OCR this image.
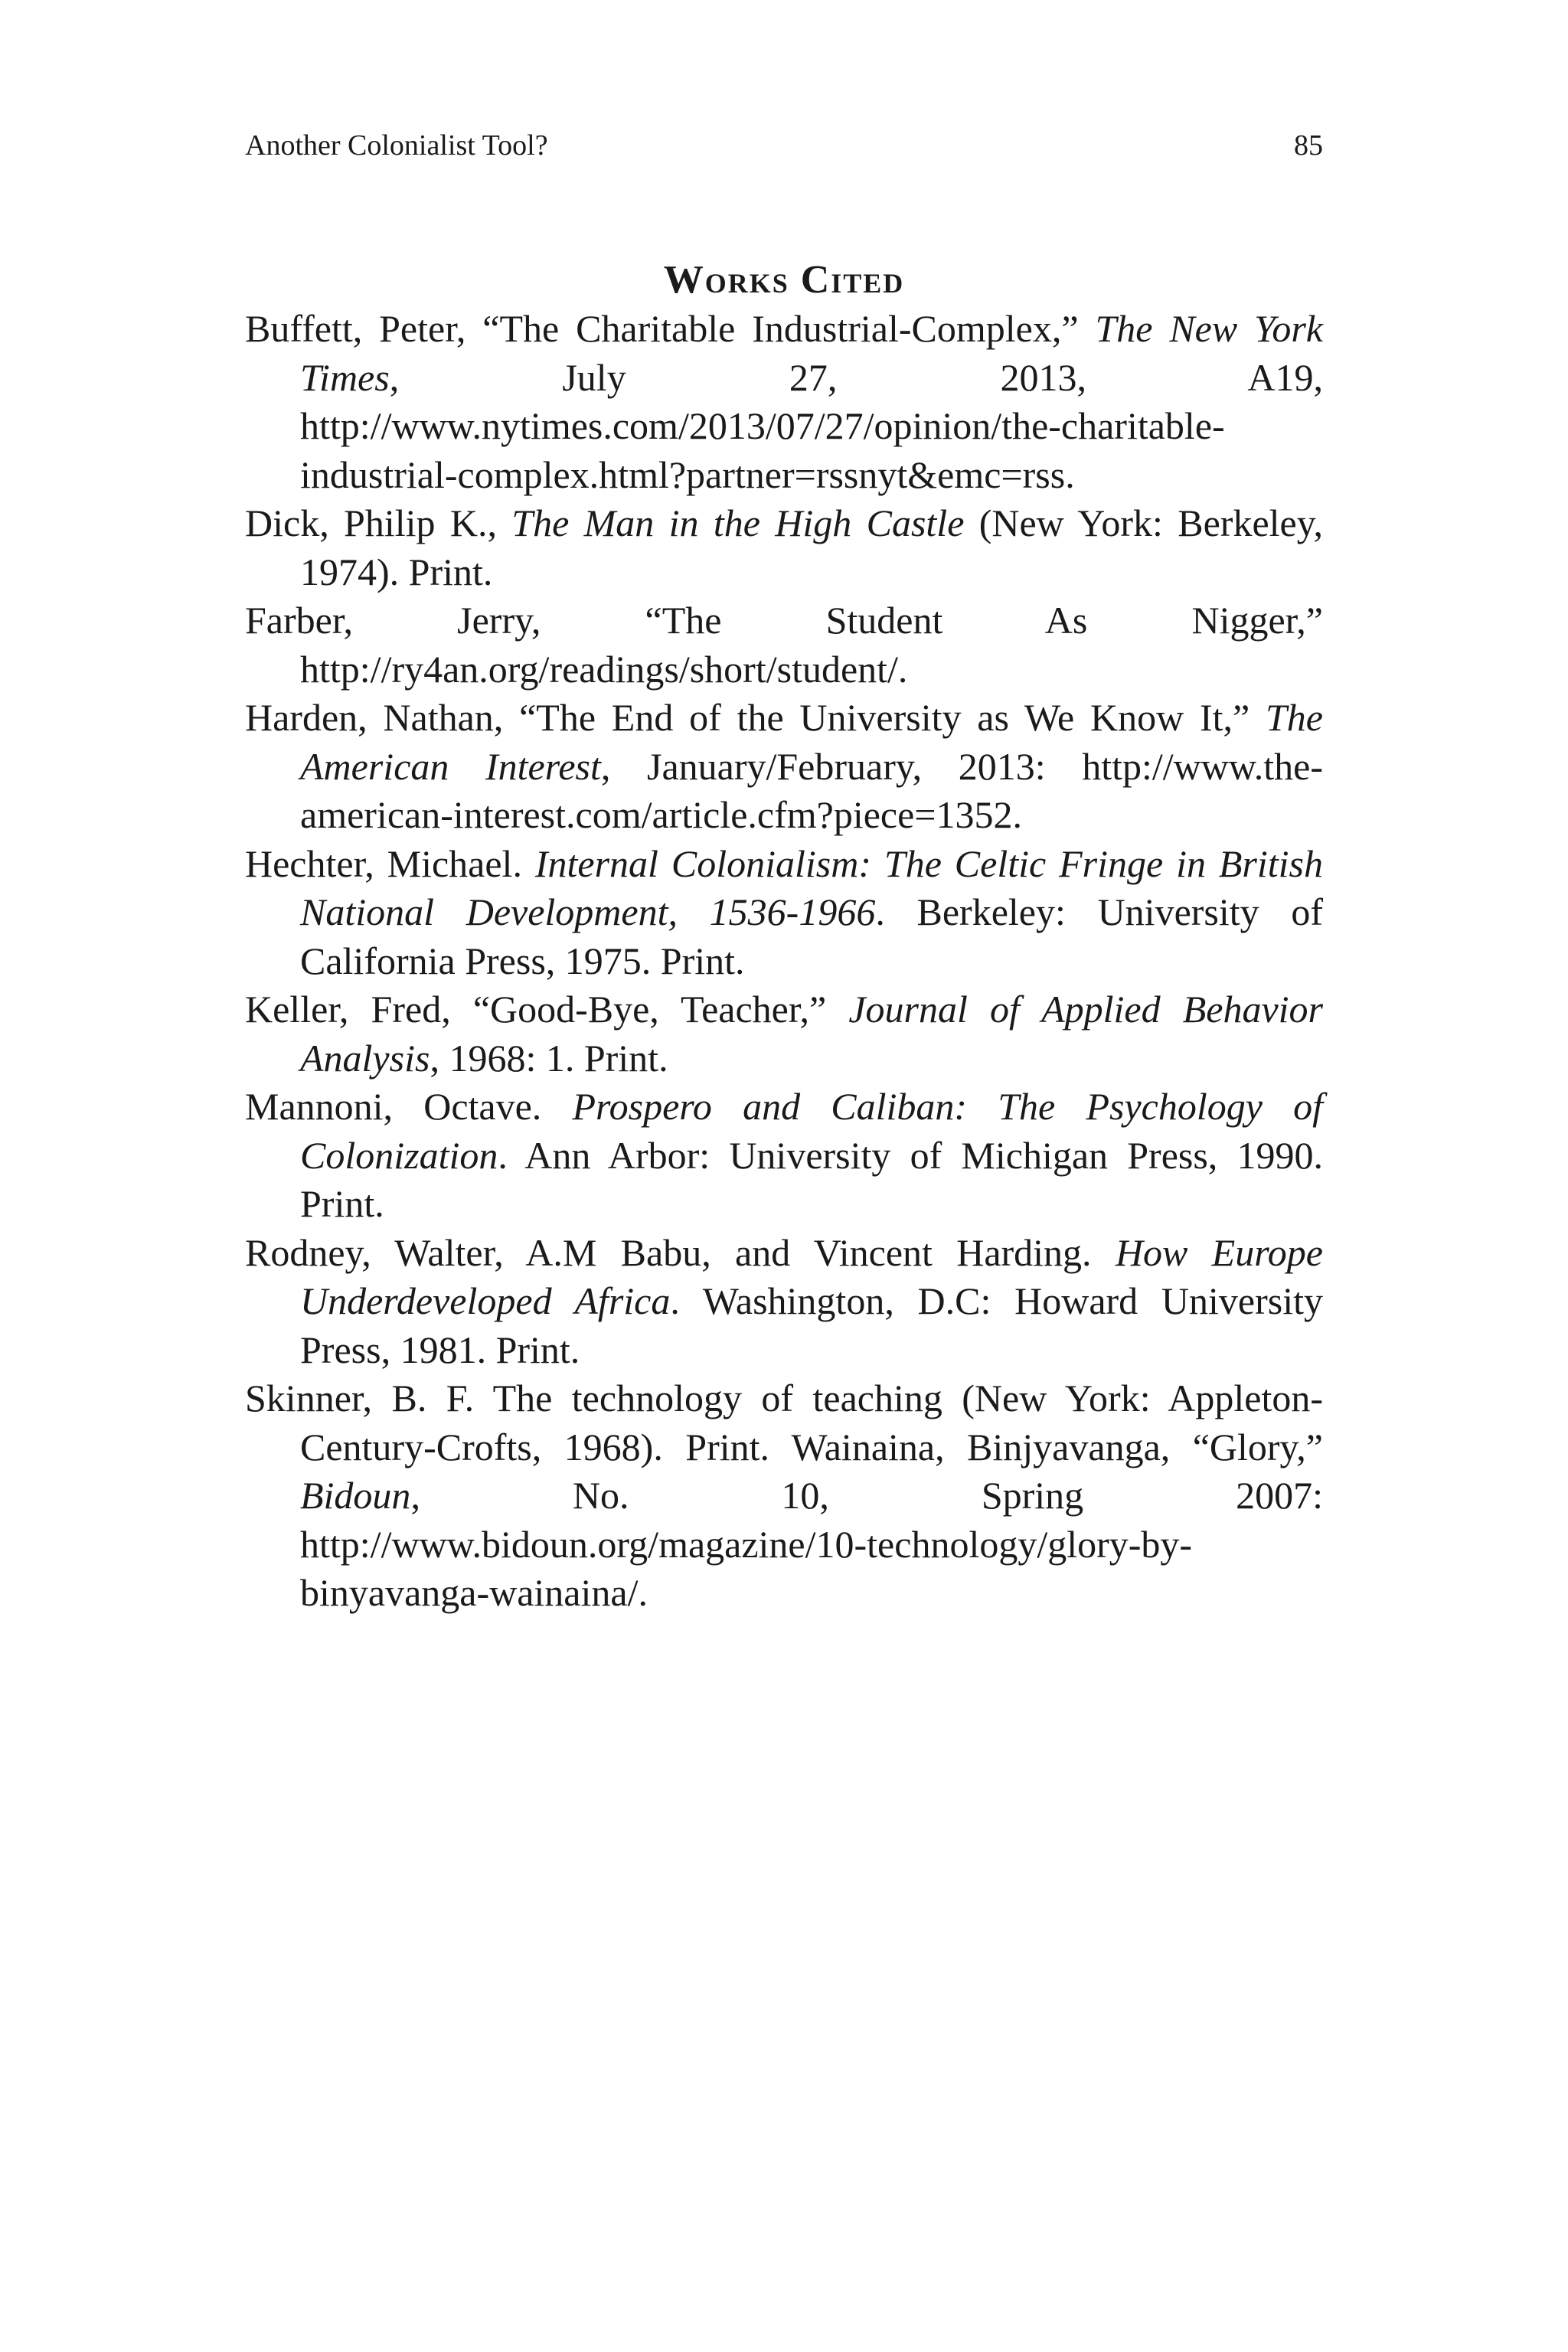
Another Colonialist Tool?	85
Works Cited

Buffett, Peter, “The Charitable Industrial-Complex,” The New York Times, July 27, 2013, A19, http://www.nytimes.com/2013/07/27/opinion/the-charitable-industrial-complex.html?partner=rssnyt&emc=rss.

Dick, Philip K., The Man in the High Castle (New York: Berkeley, 1974). Print.

Farber, Jerry, “The Student As Nigger,” http://ry4an.org/readings/short/student/.

Harden, Nathan, “The End of the University as We Know It,” The American Interest, January/February, 2013: http://www.the-american-interest.com/article.cfm?piece=1352.

Hechter, Michael. Internal Colonialism: The Celtic Fringe in British National Development, 1536-1966. Berkeley: University of California Press, 1975. Print.

Keller, Fred, “Good-Bye, Teacher,” Journal of Applied Behavior Analysis, 1968: 1. Print.

Mannoni, Octave. Prospero and Caliban: The Psychology of Colonization. Ann Arbor: University of Michigan Press, 1990. Print.

Rodney, Walter, A.M Babu, and Vincent Harding. How Europe Underdeveloped Africa. Washington, D.C: Howard University Press, 1981. Print.

Skinner, B. F. The technology of teaching (New York: Appleton-Century-Crofts, 1968). Print. Wainaina, Binjyavanga, “Glory,” Bidoun, No. 10, Spring 2007: http://www.bidoun.org/magazine/10-technology/glory-by-binyavanga-wainaina/.
